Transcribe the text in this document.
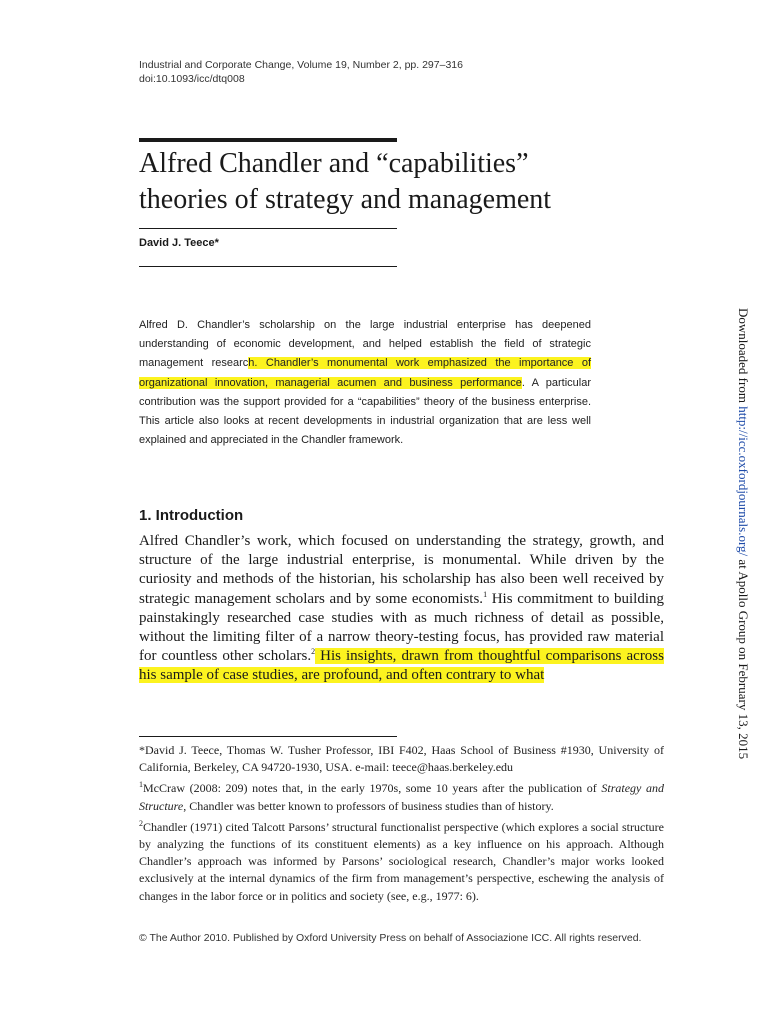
Industrial and Corporate Change, Volume 19, Number 2, pp. 297–316
doi:10.1093/icc/dtq008
Alfred Chandler and “capabilities”
theories of strategy and management
David J. Teece*

Alfred D. Chandler’s scholarship on the large industrial enterprise has deepened understanding of economic development, and helped establish the field of strategic management research. Chandler’s monumental work emphasized the importance of organizational innovation, managerial acumen and business performance. A particular contribution was the support provided for a “capabilities” theory of the business enterprise. This article also looks at recent developments in industrial organization that are less well explained and appreciated in the Chandler framework.

1. Introduction

Alfred Chandler’s work, which focused on understanding the strategy, growth, and structure of the large industrial enterprise, is monumental. While driven by the curiosity and methods of the historian, his scholarship has also been well received by strategic management scholars and by some economists.$^1$ His commitment to building painstakingly researched case studies with as much richness of detail as possible, without the limiting filter of a narrow theory-testing focus, has provided raw material for countless other scholars.$^2$ His insights, drawn from thoughtful comparisons across his sample of case studies, are profound, and often contrary to what

*David J. Teece, Thomas W. Tusher Professor, IBI F402, Haas School of Business #1930, University of California, Berkeley, CA 94720-1930, USA. e-mail: teece@haas.berkeley.edu

$^1$McCraw (2008: 209) notes that, in the early 1970s, some 10 years after the publication of Strategy and Structure, Chandler was better known to professors of business studies than of history.

$^2$Chandler (1971) cited Talcott Parsons’ structural functionalist perspective (which explores a social structure by analyzing the functions of its constituent elements) as a key influence on his approach. Although Chandler’s approach was informed by Parsons’ sociological research, Chandler’s major works looked exclusively at the internal dynamics of the firm from management’s perspective, eschewing the analysis of changes in the labor force or in politics and society (see, e.g., 1977: 6).

© The Author 2010. Published by Oxford University Press on behalf of Associazione ICC. All rights reserved.
Downloaded from http://icc.oxfordjournals.org/ at Apollo Group on February 13, 2015
